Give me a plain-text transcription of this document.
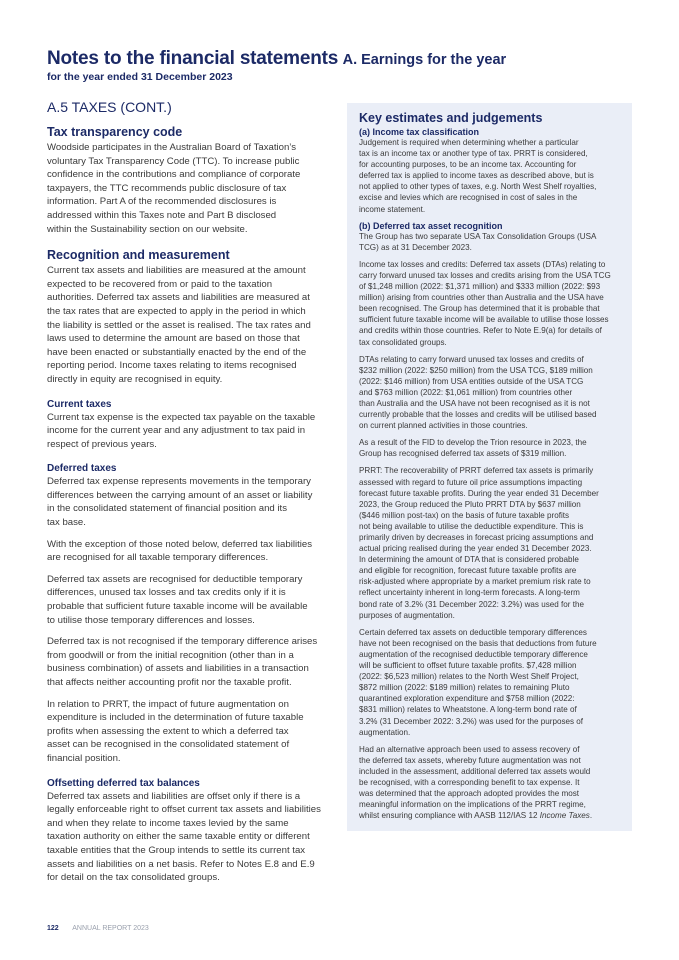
Notes to the financial statements A. Earnings for the year
for the year ended 31 December 2023
A.5 TAXES (CONT.)
Tax transparency code

Woodside participates in the Australian Board of Taxation’s
voluntary Tax Transparency Code (TTC). To increase public
confidence in the contributions and compliance of corporate
taxpayers, the TTC recommends public disclosure of tax
information. Part A of the recommended disclosures is
addressed within this Taxes note and Part B disclosed
within the Sustainability section on our website.

Recognition and measurement

Current tax assets and liabilities are measured at the amount
expected to be recovered from or paid to the taxation
authorities. Deferred tax assets and liabilities are measured at
the tax rates that are expected to apply in the period in which
the liability is settled or the asset is realised. The tax rates and
laws used to determine the amount are based on those that
have been enacted or substantially enacted by the end of the
reporting period. Income taxes relating to items recognised
directly in equity are recognised in equity.

Current taxes

Current tax expense is the expected tax payable on the taxable
income for the current year and any adjustment to tax paid in
respect of previous years.

Deferred taxes

Deferred tax expense represents movements in the temporary
differences between the carrying amount of an asset or liability
in the consolidated statement of financial position and its
tax base.

With the exception of those noted below, deferred tax liabilities
are recognised for all taxable temporary differences.

Deferred tax assets are recognised for deductible temporary
differences, unused tax losses and tax credits only if it is
probable that sufficient future taxable income will be available
to utilise those temporary differences and losses.

Deferred tax is not recognised if the temporary difference arises
from goodwill or from the initial recognition (other than in a
business combination) of assets and liabilities in a transaction
that affects neither accounting profit nor the taxable profit.

In relation to PRRT, the impact of future augmentation on
expenditure is included in the determination of future taxable
profits when assessing the extent to which a deferred tax
asset can be recognised in the consolidated statement of
financial position.

Offsetting deferred tax balances

Deferred tax assets and liabilities are offset only if there is a
legally enforceable right to offset current tax assets and liabilities
and when they relate to income taxes levied by the same
taxation authority on either the same taxable entity or different
taxable entities that the Group intends to settle its current tax
assets and liabilities on a net basis. Refer to Notes E.8 and E.9
for detail on the tax consolidated groups.

Key estimates and judgements
(a) Income tax classification

Judgement is required when determining whether a particular
tax is an income tax or another type of tax. PRRT is considered,
for accounting purposes, to be an income tax. Accounting for
deferred tax is applied to income taxes as described above, but is
not applied to other types of taxes, e.g. North West Shelf royalties,
excise and levies which are recognised in cost of sales in the
income statement.

(b) Deferred tax asset recognition

The Group has two separate USA Tax Consolidation Groups (USA
TCG) as at 31 December 2023.

Income tax losses and credits: Deferred tax assets (DTAs) relating to
carry forward unused tax losses and credits arising from the USA TCG
of $1,248 million (2022: $1,371 million) and $333 million (2022: $93
million) arising from countries other than Australia and the USA have
been recognised. The Group has determined that it is probable that
sufficient future taxable income will be available to utilise those losses
and credits within those countries. Refer to Note E.9(a) for details of
tax consolidated groups.

DTAs relating to carry forward unused tax losses and credits of
$232 million (2022: $250 million) from the USA TCG, $189 million
(2022: $146 million) from USA entities outside of the USA TCG
and $763 million (2022: $1,061 million) from countries other
than Australia and the USA have not been recognised as it is not
currently probable that the losses and credits will be utilised based
on current planned activities in those countries.

As a result of the FID to develop the Trion resource in 2023, the
Group has recognised deferred tax assets of $319 million.

PRRT: The recoverability of PRRT deferred tax assets is primarily
assessed with regard to future oil price assumptions impacting
forecast future taxable profits. During the year ended 31 December
2023, the Group reduced the Pluto PRRT DTA by $637 million
($446 million post-tax) on the basis of future taxable profits
not being available to utilise the deductible expenditure. This is
primarily driven by decreases in forecast pricing assumptions and
actual pricing realised during the year ended 31 December 2023.
In determining the amount of DTA that is considered probable
and eligible for recognition, forecast future taxable profits are
risk-adjusted where appropriate by a market premium risk rate to
reflect uncertainty inherent in long-term forecasts. A long-term
bond rate of 3.2% (31 December 2022: 3.2%) was used for the
purposes of augmentation.

Certain deferred tax assets on deductible temporary differences
have not been recognised on the basis that deductions from future
augmentation of the recognised deductible temporary difference
will be sufficient to offset future taxable profits. $7,428 million
(2022: $6,523 million) relates to the North West Shelf Project,
$872 million (2022: $189 million) relates to remaining Pluto
quarantined exploration expenditure and $758 million (2022:
$831 million) relates to Wheatstone. A long-term bond rate of
3.2% (31 December 2022: 3.2%) was used for the purposes of
augmentation.

Had an alternative approach been used to assess recovery of
the deferred tax assets, whereby future augmentation was not
included in the assessment, additional deferred tax assets would
be recognised, with a corresponding benefit to tax expense. It
was determined that the approach adopted provides the most
meaningful information on the implications of the PRRT regime,
whilst ensuring compliance with AASB 112/IAS 12 Income Taxes.

122 ANNUAL REPORT 2023
